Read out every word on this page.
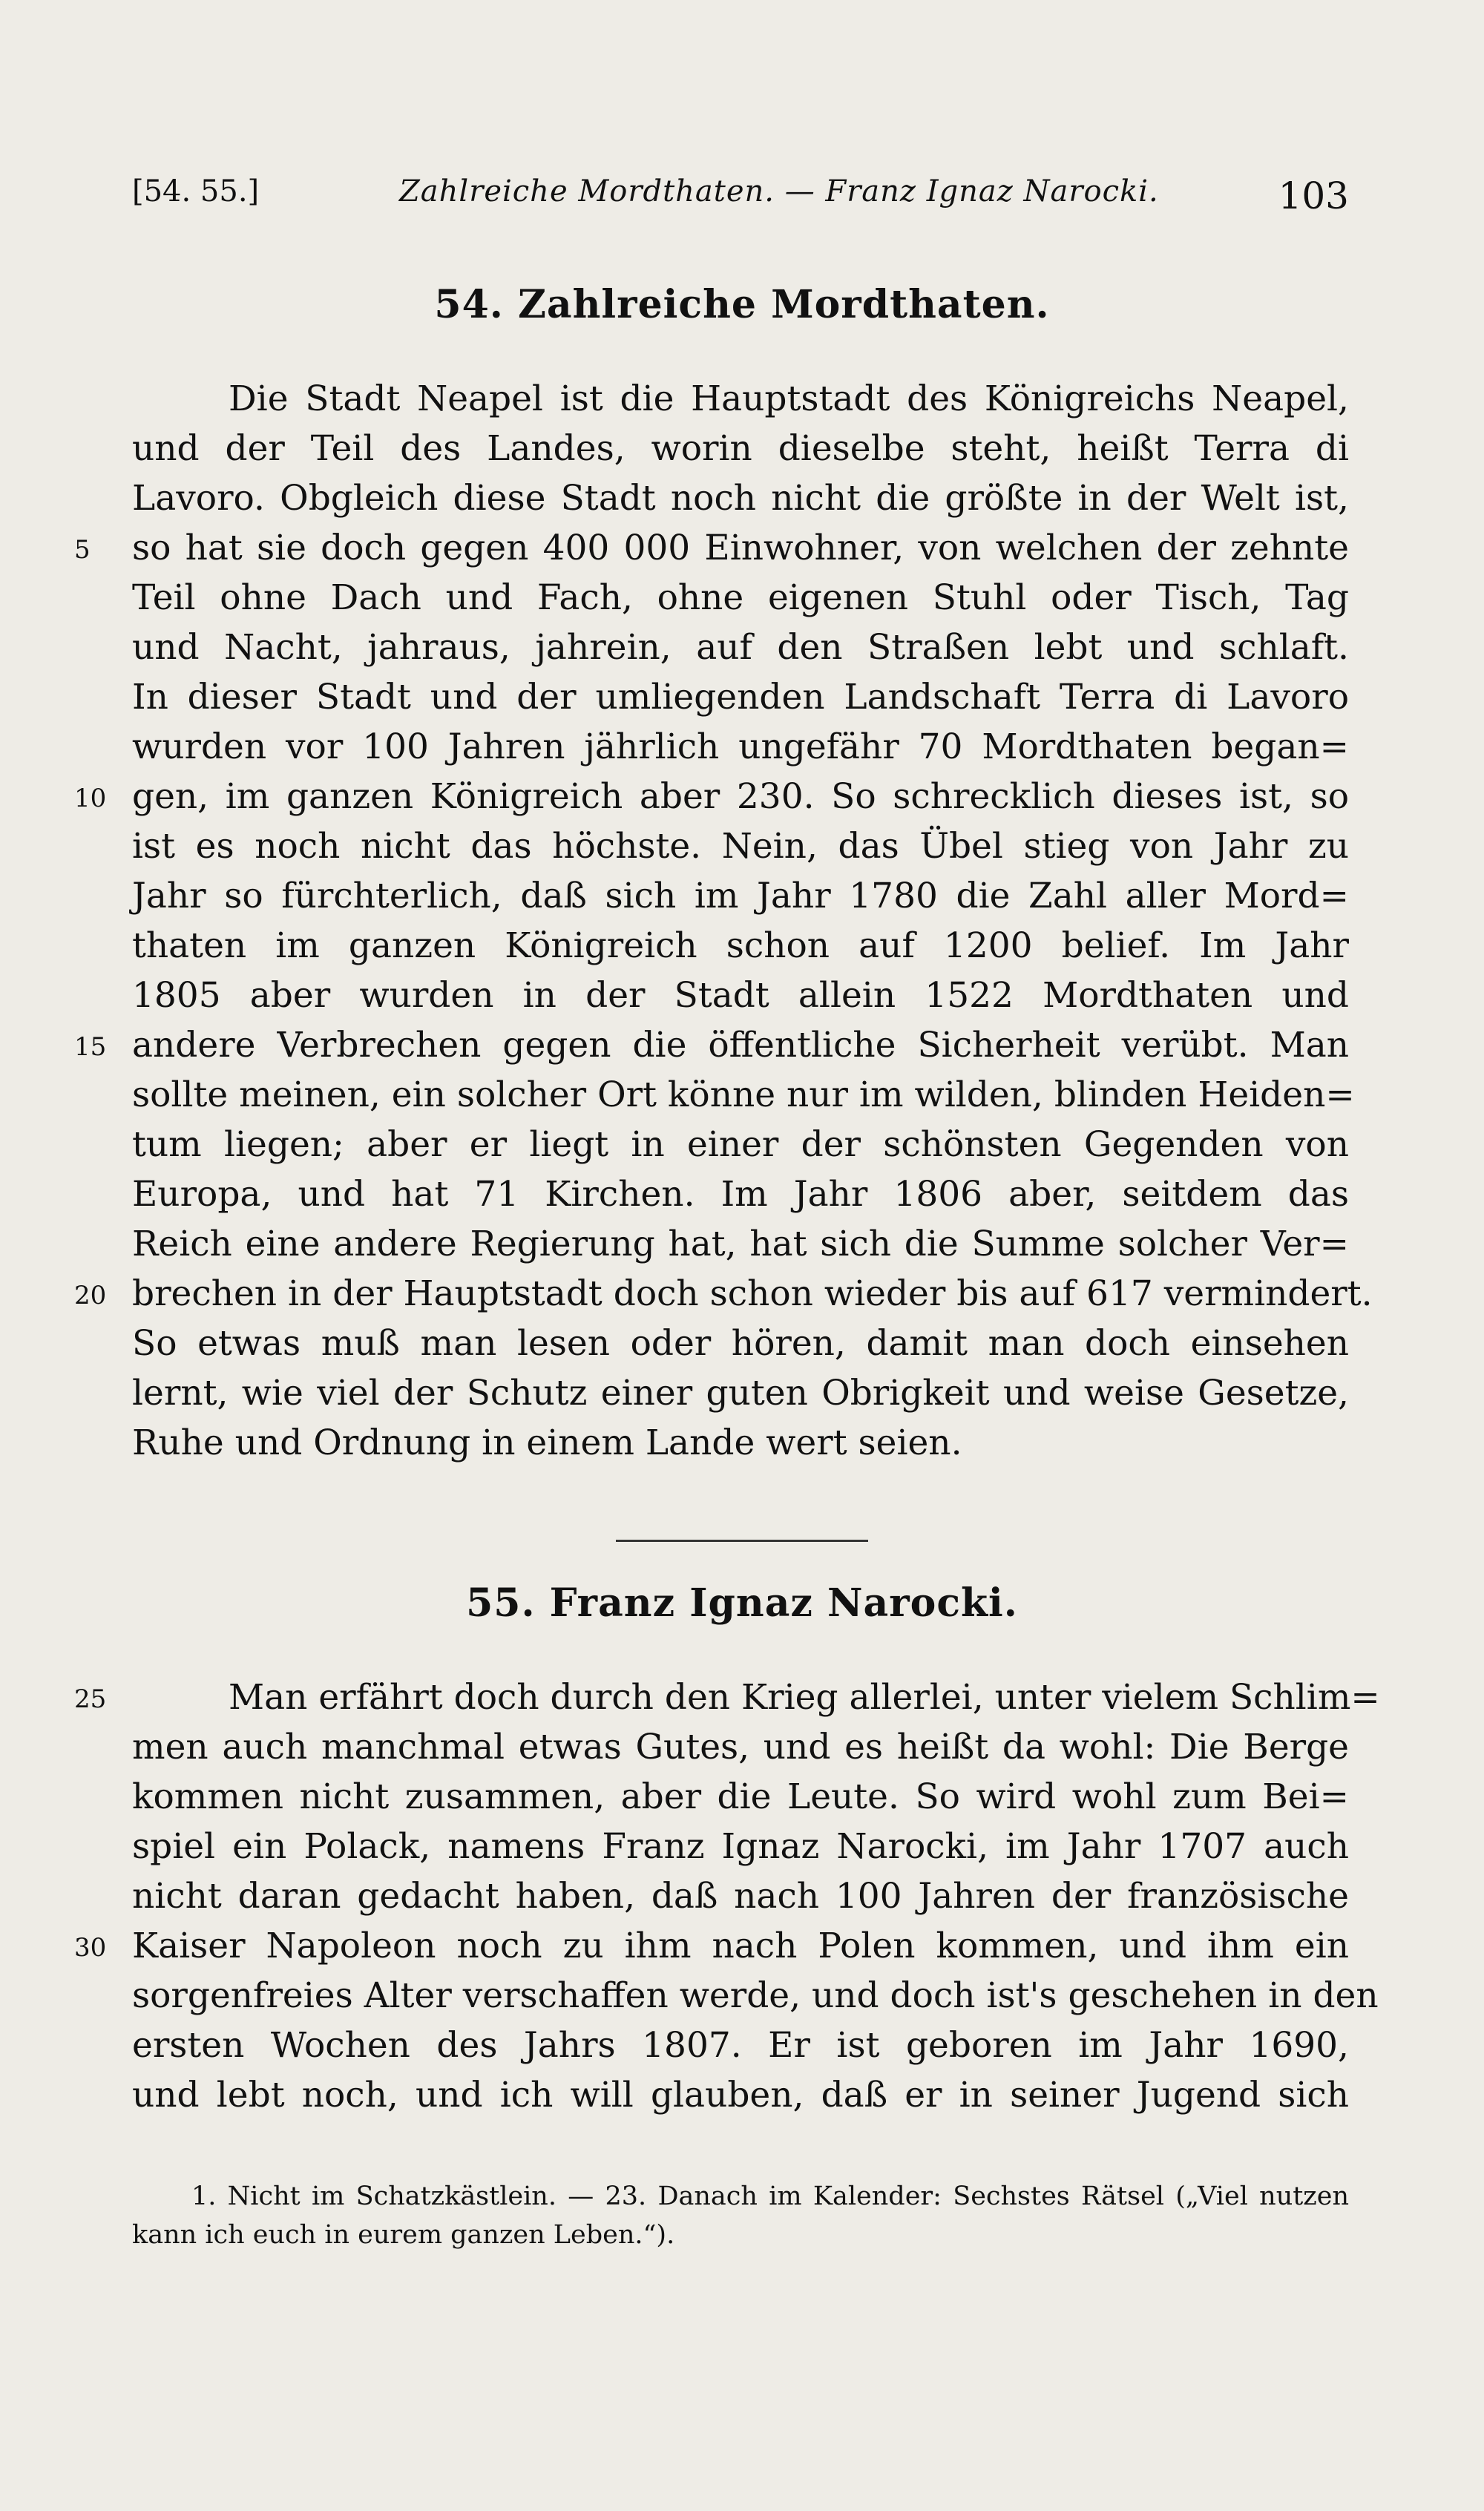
[54. 55.]	Zahlreiche Mordthaten. — Franz Ignaz Narocki.	103
54. Zahlreiche Mordthaten.
Die Stadt Neapel ist die Hauptstadt des Königreichs Neapel,
und der Teil des Landes, worin dieselbe steht, heißt Terra di
Lavoro. Obgleich diese Stadt noch nicht die größte in der Welt ist,
so hat sie doch gegen 400 000 Einwohner, von welchen der zehnte
Teil ohne Dach und Fach, ohne eigenen Stuhl oder Tisch, Tag
und Nacht, jahraus, jahrein, auf den Straßen lebt und schlaft.
In dieser Stadt und der umliegenden Landschaft Terra di Lavoro
wurden vor 100 Jahren jährlich ungefähr 70 Mordthaten began=
gen, im ganzen Königreich aber 230. So schrecklich dieses ist, so
ist es noch nicht das höchste. Nein, das Übel stieg von Jahr zu
Jahr so fürchterlich, daß sich im Jahr 1780 die Zahl aller Mord=
thaten im ganzen Königreich schon auf 1200 belief. Im Jahr
1805 aber wurden in der Stadt allein 1522 Mordthaten und
andere Verbrechen gegen die öffentliche Sicherheit verübt. Man
sollte meinen, ein solcher Ort könne nur im wilden, blinden Heiden=
tum liegen; aber er liegt in einer der schönsten Gegenden von
Europa, und hat 71 Kirchen. Im Jahr 1806 aber, seitdem das
Reich eine andere Regierung hat, hat sich die Summe solcher Ver=
brechen in der Hauptstadt doch schon wieder bis auf 617 vermindert.
So etwas muß man lesen oder hören, damit man doch einsehen
lernt, wie viel der Schutz einer guten Obrigkeit und weise Gesetze,
Ruhe und Ordnung in einem Lande wert seien.
55. Franz Ignaz Narocki.
Man erfährt doch durch den Krieg allerlei, unter vielem Schlim=
men auch manchmal etwas Gutes, und es heißt da wohl: Die Berge
kommen nicht zusammen, aber die Leute. So wird wohl zum Bei=
spiel ein Polack, namens Franz Ignaz Narocki, im Jahr 1707 auch
nicht daran gedacht haben, daß nach 100 Jahren der französische
Kaiser Napoleon noch zu ihm nach Polen kommen, und ihm ein
sorgenfreies Alter verschaffen werde, und doch ist's geschehen in den
ersten Wochen des Jahrs 1807. Er ist geboren im Jahr 1690,
und lebt noch, und ich will glauben, daß er in seiner Jugend sich
5
10
15
20
25
30
1. Nicht im Schatzkästlein. — 23. Danach im Kalender: Sechstes Rätsel („Viel nutzen
kann ich euch in eurem ganzen Leben.“).
